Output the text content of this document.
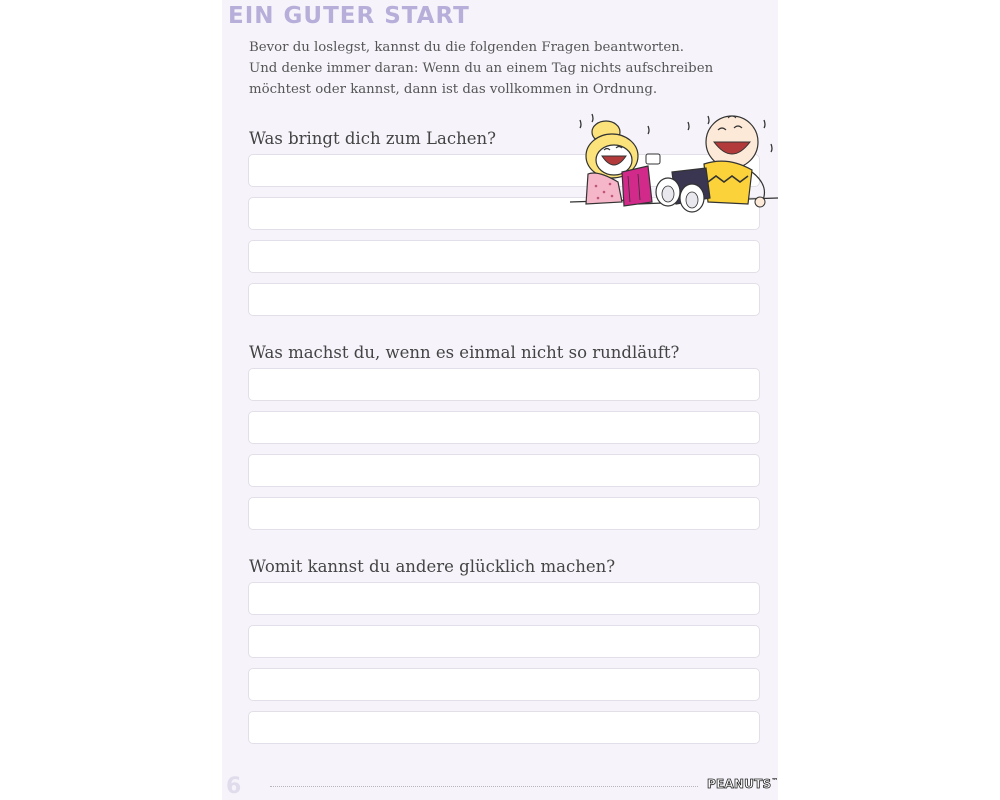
EIN GUTER START

Bevor du loslegst, kannst du die folgenden Fragen beantworten.

Und denke immer daran: Wenn du an einem Tag nichts aufschreiben

möchtest oder kannst, dann ist das vollkommen in Ordnung.

Was bringt dich zum Lachen?

Was machst du, wenn es einmal nicht so rundläuft?

Womit kannst du andere glücklich machen?

6	PEANUTS™
